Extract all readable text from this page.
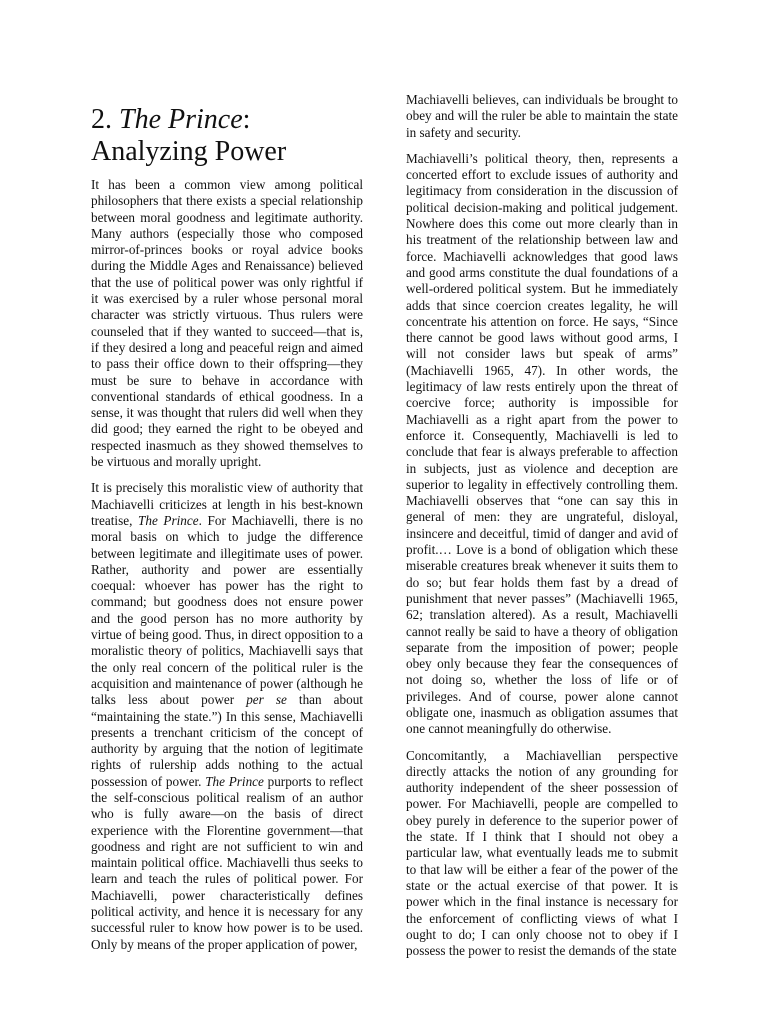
2. The Prince:
Analyzing Power

It has been a common view among political philosophers that there exists a special relationship between moral goodness and legitimate authority. Many authors (especially those who composed mirror-of-princes books or royal advice books during the Middle Ages and Renaissance) believed that the use of political power was only rightful if it was exercised by a ruler whose personal moral character was strictly virtuous. Thus rulers were counseled that if they wanted to succeed—that is, if they desired a long and peaceful reign and aimed to pass their office down to their offspring—they must be sure to behave in accordance with conventional standards of ethical goodness. In a sense, it was thought that rulers did well when they did good; they earned the right to be obeyed and respected inasmuch as they showed themselves to be virtuous and morally upright.

It is precisely this moralistic view of authority that Machiavelli criticizes at length in his best-known treatise, The Prince. For Machiavelli, there is no moral basis on which to judge the difference between legitimate and illegitimate uses of power. Rather, authority and power are essentially coequal: whoever has power has the right to command; but goodness does not ensure power and the good person has no more authority by virtue of being good. Thus, in direct opposition to a moralistic theory of politics, Machiavelli says that the only real concern of the political ruler is the acquisition and maintenance of power (although he talks less about power per se than about “maintaining the state.”) In this sense, Machiavelli presents a trenchant criticism of the concept of authority by arguing that the notion of legitimate rights of rulership adds nothing to the actual possession of power. The Prince purports to reflect the self-conscious political realism of an author who is fully aware—on the basis of direct experience with the Florentine government—that goodness and right are not sufficient to win and maintain political office. Machiavelli thus seeks to learn and teach the rules of political power. For Machiavelli, power characteristically defines political activity, and hence it is necessary for any successful ruler to know how power is to be used. Only by means of the proper application of power,

Machiavelli believes, can individuals be brought to obey and will the ruler be able to maintain the state in safety and security.

Machiavelli’s political theory, then, represents a concerted effort to exclude issues of authority and legitimacy from consideration in the discussion of political decision-making and political judgement. Nowhere does this come out more clearly than in his treatment of the relationship between law and force. Machiavelli acknowledges that good laws and good arms constitute the dual foundations of a well-ordered political system. But he immediately adds that since coercion creates legality, he will concentrate his attention on force. He says, “Since there cannot be good laws without good arms, I will not consider laws but speak of arms” (Machiavelli 1965, 47). In other words, the legitimacy of law rests entirely upon the threat of coercive force; authority is impossible for Machiavelli as a right apart from the power to enforce it. Consequently, Machiavelli is led to conclude that fear is always preferable to affection in subjects, just as violence and deception are superior to legality in effectively controlling them. Machiavelli observes that “one can say this in general of men: they are ungrateful, disloyal, insincere and deceitful, timid of danger and avid of profit.… Love is a bond of obligation which these miserable creatures break whenever it suits them to do so; but fear holds them fast by a dread of punishment that never passes” (Machiavelli 1965, 62; translation altered). As a result, Machiavelli cannot really be said to have a theory of obligation separate from the imposition of power; people obey only because they fear the consequences of not doing so, whether the loss of life or of privileges. And of course, power alone cannot obligate one, inasmuch as obligation assumes that one cannot meaningfully do otherwise.

Concomitantly, a Machiavellian perspective directly attacks the notion of any grounding for authority independent of the sheer possession of power. For Machiavelli, people are compelled to obey purely in deference to the superior power of the state. If I think that I should not obey a particular law, what eventually leads me to submit to that law will be either a fear of the power of the state or the actual exercise of that power. It is power which in the final instance is necessary for the enforcement of conflicting views of what I ought to do; I can only choose not to obey if I possess the power to resist the demands of the state
